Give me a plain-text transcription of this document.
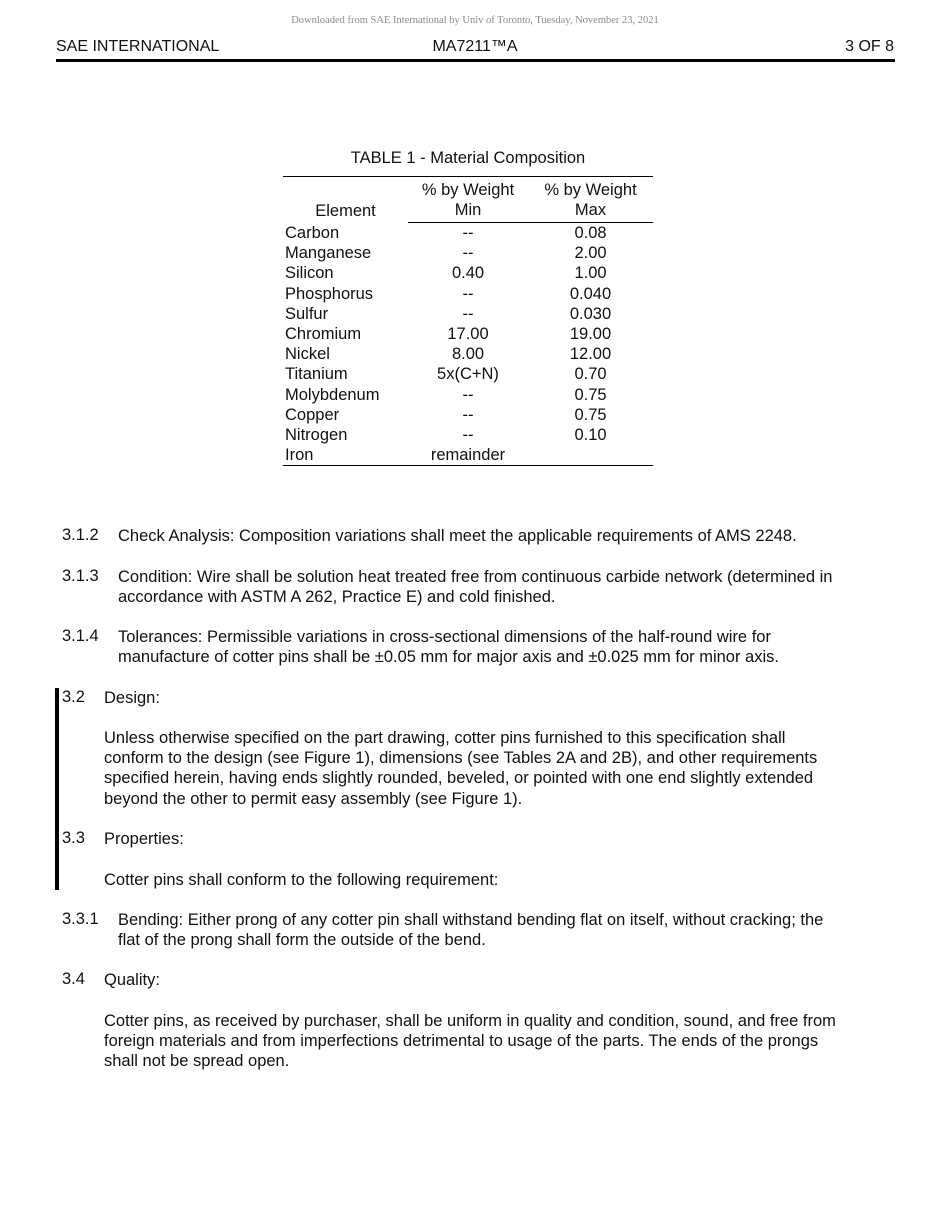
Downloaded from SAE International by Univ of Toronto, Tuesday, November 23, 2021
SAE INTERNATIONAL	MA7211™A	3 OF 8
TABLE 1 - Material Composition
Element	% by Weight	% by Weight
	Min	Max
Carbon	--	0.08
Manganese	--	2.00
Silicon	0.40	1.00
Phosphorus	--	0.040
Sulfur	--	0.030
Chromium	17.00	19.00
Nickel	8.00	12.00
Titanium	5x(C+N)	0.70
Molybdenum	--	0.75
Copper	--	0.75
Nitrogen	--	0.10
Iron	remainder	
3.1.2 Check Analysis: Composition variations shall meet the applicable requirements of AMS 2248.
3.1.3 Condition: Wire shall be solution heat treated free from continuous carbide network (determined in
accordance with ASTM A 262, Practice E) and cold finished.
3.1.4 Tolerances: Permissible variations in cross-sectional dimensions of the half-round wire for
manufacture of cotter pins shall be ±0.05 mm for major axis and ±0.025 mm for minor axis.
3.2 Design:
Unless otherwise specified on the part drawing, cotter pins furnished to this specification shall
conform to the design (see Figure 1), dimensions (see Tables 2A and 2B), and other requirements
specified herein, having ends slightly rounded, beveled, or pointed with one end slightly extended
beyond the other to permit easy assembly (see Figure 1).
3.3 Properties:
Cotter pins shall conform to the following requirement:
3.3.1 Bending: Either prong of any cotter pin shall withstand bending flat on itself, without cracking; the
flat of the prong shall form the outside of the bend.
3.4 Quality:
Cotter pins, as received by purchaser, shall be uniform in quality and condition, sound, and free from
foreign materials and from imperfections detrimental to usage of the parts. The ends of the prongs
shall not be spread open.
